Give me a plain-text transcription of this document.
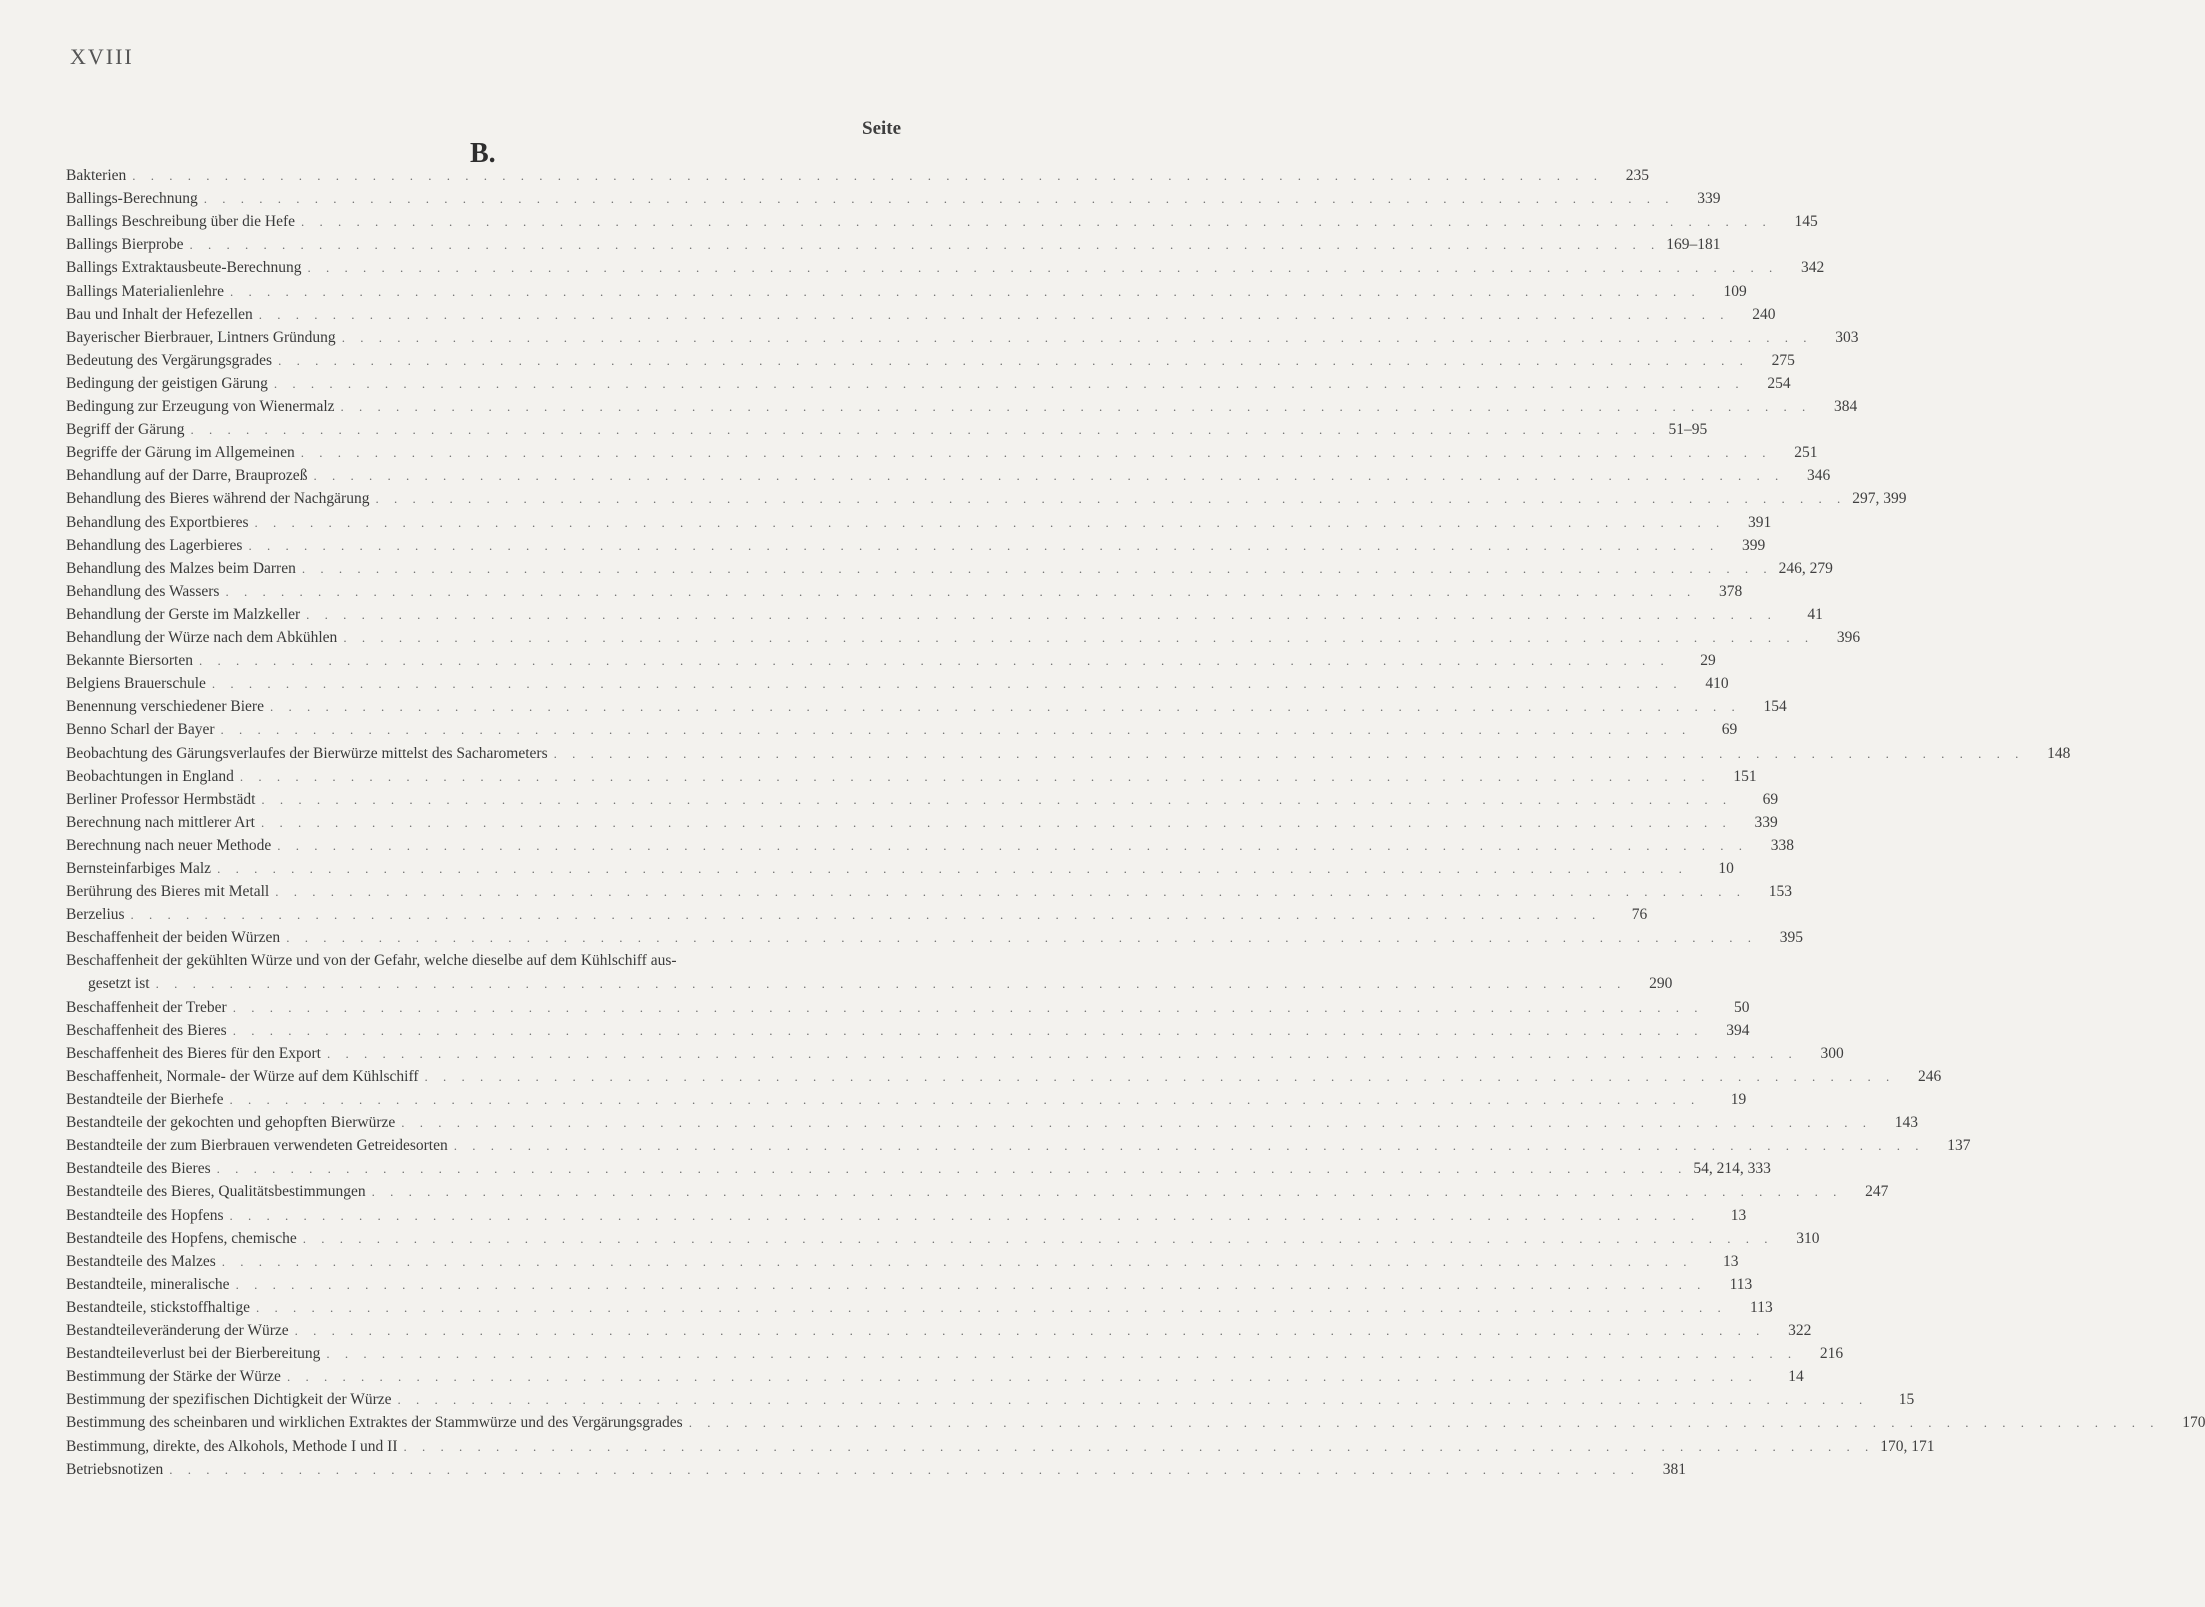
XVIII
Seite
B.
Bakterien . . . . . . . . . . . . . . . . . . . . . . . . . . . . . . . . . . . . . . . . . . . . . . . . . . . . . . . . . . . . . . . . . . . . . . . . . . . . . . . .	235
Ballings-Berechnung . . . . . . . . . . . . . . . . . . . . . . . . . . . . . . . . . . . . . . . . . . . . . . . . . . . . . . . . . . . . . . . . . . . . . . . . . . . . . . . .	339
Ballings Beschreibung über die Hefe . . . . . . . . . . . . . . . . . . . . . . . . . . . . . . . . . . . . . . . . . . . . . . . . . . . . . . . . . . . . . . . . . . . . . . . . . . . . . . . .	145
Ballings Bierprobe . . . . . . . . . . . . . . . . . . . . . . . . . . . . . . . . . . . . . . . . . . . . . . . . . . . . . . . . . . . . . . . . . . . . . . . . . . . . . . . . 169–181
Ballings Extraktausbeute-Berechnung . . . . . . . . . . . . . . . . . . . . . . . . . . . . . . . . . . . . . . . . . . . . . . . . . . . . . . . . . . . . . . . . . . . . . . . . . . . . . . . .	342
Ballings Materialienlehre . . . . . . . . . . . . . . . . . . . . . . . . . . . . . . . . . . . . . . . . . . . . . . . . . . . . . . . . . . . . . . . . . . . . . . . . . . . . . . . .	109
Bau und Inhalt der Hefezellen . . . . . . . . . . . . . . . . . . . . . . . . . . . . . . . . . . . . . . . . . . . . . . . . . . . . . . . . . . . . . . . . . . . . . . . . . . . . . . . .	240
Bayerischer Bierbrauer, Lintners Gründung . . . . . . . . . . . . . . . . . . . . . . . . . . . . . . . . . . . . . . . . . . . . . . . . . . . . . . . . . . . . . . . . . . . . . . . . . . . . . . . .	303
Bedeutung des Vergärungsgrades . . . . . . . . . . . . . . . . . . . . . . . . . . . . . . . . . . . . . . . . . . . . . . . . . . . . . . . . . . . . . . . . . . . . . . . . . . . . . . . .	275
Bedingung der geistigen Gärung . . . . . . . . . . . . . . . . . . . . . . . . . . . . . . . . . . . . . . . . . . . . . . . . . . . . . . . . . . . . . . . . . . . . . . . . . . . . . . . .	254
Bedingung zur Erzeugung von Wienermalz . . . . . . . . . . . . . . . . . . . . . . . . . . . . . . . . . . . . . . . . . . . . . . . . . . . . . . . . . . . . . . . . . . . . . . . . . . . . . . . .	384
Begriff der Gärung . . . . . . . . . . . . . . . . . . . . . . . . . . . . . . . . . . . . . . . . . . . . . . . . . . . . . . . . . . . . . . . . . . . . . . . . . . . . . . . . 51–95
Begriffe der Gärung im Allgemeinen . . . . . . . . . . . . . . . . . . . . . . . . . . . . . . . . . . . . . . . . . . . . . . . . . . . . . . . . . . . . . . . . . . . . . . . . . . . . . . . .	251
Behandlung auf der Darre, Brauprozeß . . . . . . . . . . . . . . . . . . . . . . . . . . . . . . . . . . . . . . . . . . . . . . . . . . . . . . . . . . . . . . . . . . . . . . . . . . . . . . . .	346
Behandlung des Bieres während der Nachgärung . . . . . . . . . . . . . . . . . . . . . . . . . . . . . . . . . . . . . . . . . . . . . . . . . . . . . . . . . . . . . . . . . . . . . . . . . . . . . . . . 297, 399
Behandlung des Exportbieres . . . . . . . . . . . . . . . . . . . . . . . . . . . . . . . . . . . . . . . . . . . . . . . . . . . . . . . . . . . . . . . . . . . . . . . . . . . . . . . .	391
Behandlung des Lagerbieres . . . . . . . . . . . . . . . . . . . . . . . . . . . . . . . . . . . . . . . . . . . . . . . . . . . . . . . . . . . . . . . . . . . . . . . . . . . . . . . .	399
Behandlung des Malzes beim Darren . . . . . . . . . . . . . . . . . . . . . . . . . . . . . . . . . . . . . . . . . . . . . . . . . . . . . . . . . . . . . . . . . . . . . . . . . . . . . . . . 246, 279
Behandlung des Wassers . . . . . . . . . . . . . . . . . . . . . . . . . . . . . . . . . . . . . . . . . . . . . . . . . . . . . . . . . . . . . . . . . . . . . . . . . . . . . . . .	378
Behandlung der Gerste im Malzkeller . . . . . . . . . . . . . . . . . . . . . . . . . . . . . . . . . . . . . . . . . . . . . . . . . . . . . . . . . . . . . . . . . . . . . . . . . . . . . . . .	41
Behandlung der Würze nach dem Abkühlen . . . . . . . . . . . . . . . . . . . . . . . . . . . . . . . . . . . . . . . . . . . . . . . . . . . . . . . . . . . . . . . . . . . . . . . . . . . . . . . .	396
Bekannte Biersorten . . . . . . . . . . . . . . . . . . . . . . . . . . . . . . . . . . . . . . . . . . . . . . . . . . . . . . . . . . . . . . . . . . . . . . . . . . . . . . . .	29
Belgiens Brauerschule . . . . . . . . . . . . . . . . . . . . . . . . . . . . . . . . . . . . . . . . . . . . . . . . . . . . . . . . . . . . . . . . . . . . . . . . . . . . . . . .	410
Benennung verschiedener Biere . . . . . . . . . . . . . . . . . . . . . . . . . . . . . . . . . . . . . . . . . . . . . . . . . . . . . . . . . . . . . . . . . . . . . . . . . . . . . . . .	154
Benno Scharl der Bayer . . . . . . . . . . . . . . . . . . . . . . . . . . . . . . . . . . . . . . . . . . . . . . . . . . . . . . . . . . . . . . . . . . . . . . . . . . . . . . . .	69
Beobachtung des Gärungsverlaufes der Bierwürze mittelst des Sacharometers . . . . . . . . . . . . . . . . . . . . . . . . . . . . . . . . . . . . . . . . . . . . . . . . . . . . . . . . . . . . . . . . . . . . . . . . . . . . . . . .	148
Beobachtungen in England . . . . . . . . . . . . . . . . . . . . . . . . . . . . . . . . . . . . . . . . . . . . . . . . . . . . . . . . . . . . . . . . . . . . . . . . . . . . . . . .	151
Berliner Professor Hermbstädt . . . . . . . . . . . . . . . . . . . . . . . . . . . . . . . . . . . . . . . . . . . . . . . . . . . . . . . . . . . . . . . . . . . . . . . . . . . . . . . .	69
Berechnung nach mittlerer Art . . . . . . . . . . . . . . . . . . . . . . . . . . . . . . . . . . . . . . . . . . . . . . . . . . . . . . . . . . . . . . . . . . . . . . . . . . . . . . . .	339
Berechnung nach neuer Methode . . . . . . . . . . . . . . . . . . . . . . . . . . . . . . . . . . . . . . . . . . . . . . . . . . . . . . . . . . . . . . . . . . . . . . . . . . . . . . . .	338
Bernsteinfarbiges Malz . . . . . . . . . . . . . . . . . . . . . . . . . . . . . . . . . . . . . . . . . . . . . . . . . . . . . . . . . . . . . . . . . . . . . . . . . . . . . . . .	10
Berührung des Bieres mit Metall . . . . . . . . . . . . . . . . . . . . . . . . . . . . . . . . . . . . . . . . . . . . . . . . . . . . . . . . . . . . . . . . . . . . . . . . . . . . . . . .	153
Berzelius . . . . . . . . . . . . . . . . . . . . . . . . . . . . . . . . . . . . . . . . . . . . . . . . . . . . . . . . . . . . . . . . . . . . . . . . . . . . . . . .	76
Beschaffenheit der beiden Würzen . . . . . . . . . . . . . . . . . . . . . . . . . . . . . . . . . . . . . . . . . . . . . . . . . . . . . . . . . . . . . . . . . . . . . . . . . . . . . . . .	395
Beschaffenheit der gekühlten Würze und von der Gefahr, welche dieselbe auf dem Kühlschiff aus-
gesetzt ist . . . . . . . . . . . . . . . . . . . . . . . . . . . . . . . . . . . . . . . . . . . . . . . . . . . . . . . . . . . . . . . . . . . . . . . . . . . . . . . .	290
Beschaffenheit der Treber . . . . . . . . . . . . . . . . . . . . . . . . . . . . . . . . . . . . . . . . . . . . . . . . . . . . . . . . . . . . . . . . . . . . . . . . . . . . . . . .	50
Beschaffenheit des Bieres . . . . . . . . . . . . . . . . . . . . . . . . . . . . . . . . . . . . . . . . . . . . . . . . . . . . . . . . . . . . . . . . . . . . . . . . . . . . . . . .	394
Beschaffenheit des Bieres für den Export . . . . . . . . . . . . . . . . . . . . . . . . . . . . . . . . . . . . . . . . . . . . . . . . . . . . . . . . . . . . . . . . . . . . . . . . . . . . . . . .	300
Beschaffenheit, Normale- der Würze auf dem Kühlschiff . . . . . . . . . . . . . . . . . . . . . . . . . . . . . . . . . . . . . . . . . . . . . . . . . . . . . . . . . . . . . . . . . . . . . . . . . . . . . . . .	246
Bestandteile der Bierhefe . . . . . . . . . . . . . . . . . . . . . . . . . . . . . . . . . . . . . . . . . . . . . . . . . . . . . . . . . . . . . . . . . . . . . . . . . . . . . . . .	19
Bestandteile der gekochten und gehopften Bierwürze . . . . . . . . . . . . . . . . . . . . . . . . . . . . . . . . . . . . . . . . . . . . . . . . . . . . . . . . . . . . . . . . . . . . . . . . . . . . . . . .	143
Bestandteile der zum Bierbrauen verwendeten Getreidesorten . . . . . . . . . . . . . . . . . . . . . . . . . . . . . . . . . . . . . . . . . . . . . . . . . . . . . . . . . . . . . . . . . . . . . . . . . . . . . . . .	137
Bestandteile des Bieres . . . . . . . . . . . . . . . . . . . . . . . . . . . . . . . . . . . . . . . . . . . . . . . . . . . . . . . . . . . . . . . . . . . . . . . . . . . . . . . . 54, 214, 333
Bestandteile des Bieres, Qualitätsbestimmungen . . . . . . . . . . . . . . . . . . . . . . . . . . . . . . . . . . . . . . . . . . . . . . . . . . . . . . . . . . . . . . . . . . . . . . . . . . . . . . . .	247
Bestandteile des Hopfens . . . . . . . . . . . . . . . . . . . . . . . . . . . . . . . . . . . . . . . . . . . . . . . . . . . . . . . . . . . . . . . . . . . . . . . . . . . . . . . .	13
Bestandteile des Hopfens, chemische . . . . . . . . . . . . . . . . . . . . . . . . . . . . . . . . . . . . . . . . . . . . . . . . . . . . . . . . . . . . . . . . . . . . . . . . . . . . . . . .	310
Bestandteile des Malzes . . . . . . . . . . . . . . . . . . . . . . . . . . . . . . . . . . . . . . . . . . . . . . . . . . . . . . . . . . . . . . . . . . . . . . . . . . . . . . . .	13
Bestandteile, mineralische . . . . . . . . . . . . . . . . . . . . . . . . . . . . . . . . . . . . . . . . . . . . . . . . . . . . . . . . . . . . . . . . . . . . . . . . . . . . . . . .	113
Bestandteile, stickstoffhaltige . . . . . . . . . . . . . . . . . . . . . . . . . . . . . . . . . . . . . . . . . . . . . . . . . . . . . . . . . . . . . . . . . . . . . . . . . . . . . . . .	113
Bestandteileveränderung der Würze . . . . . . . . . . . . . . . . . . . . . . . . . . . . . . . . . . . . . . . . . . . . . . . . . . . . . . . . . . . . . . . . . . . . . . . . . . . . . . . .	322
Bestandteileverlust bei der Bierbereitung . . . . . . . . . . . . . . . . . . . . . . . . . . . . . . . . . . . . . . . . . . . . . . . . . . . . . . . . . . . . . . . . . . . . . . . . . . . . . . . .	216
Bestimmung der Stärke der Würze . . . . . . . . . . . . . . . . . . . . . . . . . . . . . . . . . . . . . . . . . . . . . . . . . . . . . . . . . . . . . . . . . . . . . . . . . . . . . . . .	14
Bestimmung der spezifischen Dichtigkeit der Würze . . . . . . . . . . . . . . . . . . . . . . . . . . . . . . . . . . . . . . . . . . . . . . . . . . . . . . . . . . . . . . . . . . . . . . . . . . . . . . . .	15
Bestimmung des scheinbaren und wirklichen Extraktes der Stammwürze und des Vergärungsgrades . . . . . . . . . . . . . . . . . . . . . . . . . . . . . . . . . . . . . . . . . . . . . . . . . . . . . . . . . . . . . . . . . . . . . . . . . . . . . . . .	170
Bestimmung, direkte, des Alkohols, Methode I und II . . . . . . . . . . . . . . . . . . . . . . . . . . . . . . . . . . . . . . . . . . . . . . . . . . . . . . . . . . . . . . . . . . . . . . . . . . . . . . . . 170, 171
Betriebsnotizen . . . . . . . . . . . . . . . . . . . . . . . . . . . . . . . . . . . . . . . . . . . . . . . . . . . . . . . . . . . . . . . . . . . . . . . . . . . . . . . .	381
